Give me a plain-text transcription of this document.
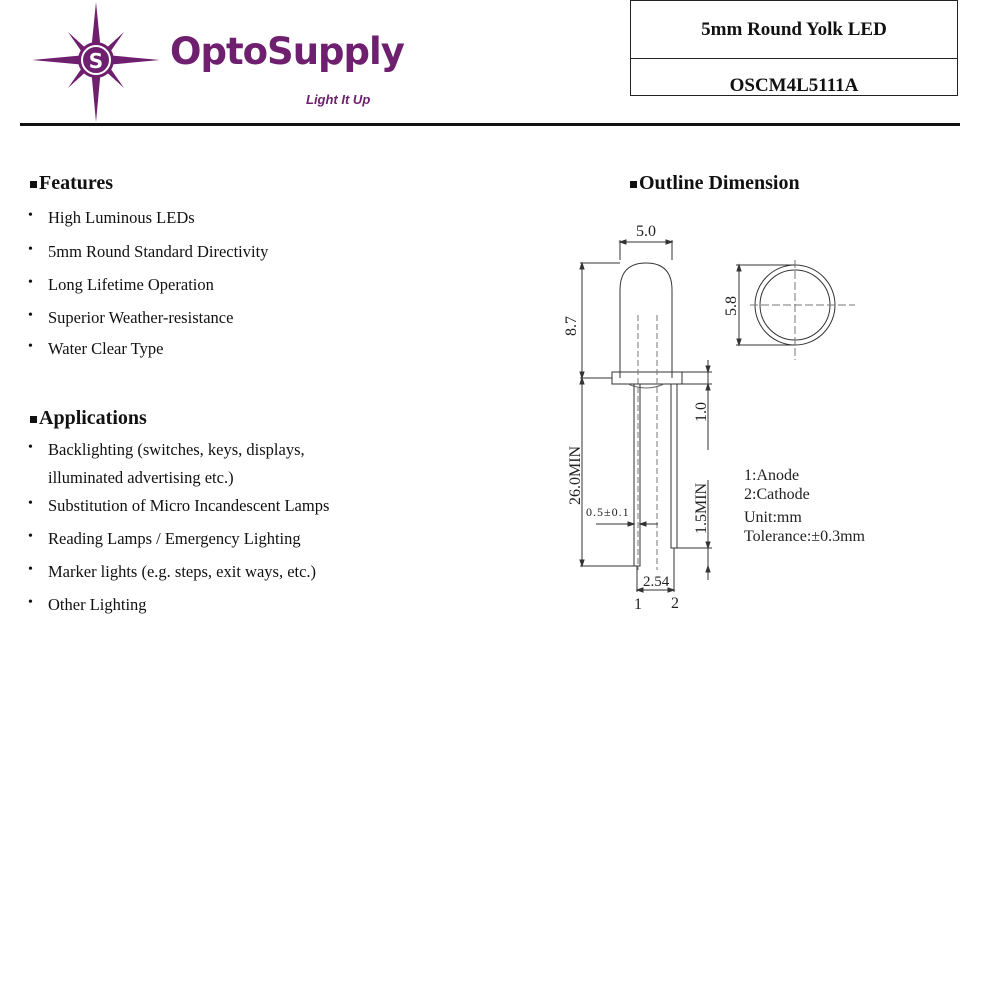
S OptoSupply
Light It Up
5mm Round Yolk LED
OSCM4L5111A
Features
• High Luminous LEDs
• 5mm Round Standard Directivity
• Long Lifetime Operation
• Superior Weather-resistance
• Water Clear Type
Applications
• Backlighting (switches, keys, displays,
illuminated advertising etc.)
• Substitution of Micro Incandescent Lamps
• Reading Lamps / Emergency Lighting
• Marker lights (e.g. steps, exit ways, etc.)
• Other Lighting
Outline Dimension
5.0
8.7
5.8
1.0
26.0MIN
1.5MIN
0.5±0.1
2.54
1 2
1:Anode
2:Cathode
Unit:mm
Tolerance:±0.3mm
